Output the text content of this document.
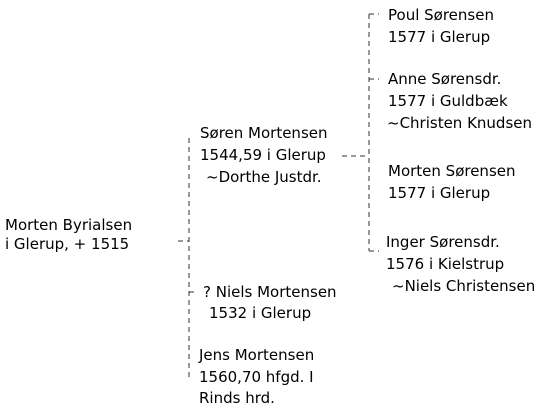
Morten Byrialsen
i Glerup, + 1515
Søren Mortensen
1544,59 i Glerup
~Dorthe Justdr.
? Niels Mortensen
1532 i Glerup
Jens Mortensen
1560,70 hfgd. I
Rinds hrd.
Poul Sørensen
1577 i Glerup
Anne Sørensdr.
1577 i Guldbæk
~Christen Knudsen
Morten Sørensen
1577 i Glerup
Inger Sørensdr.
1576 i Kielstrup
~Niels Christensen
